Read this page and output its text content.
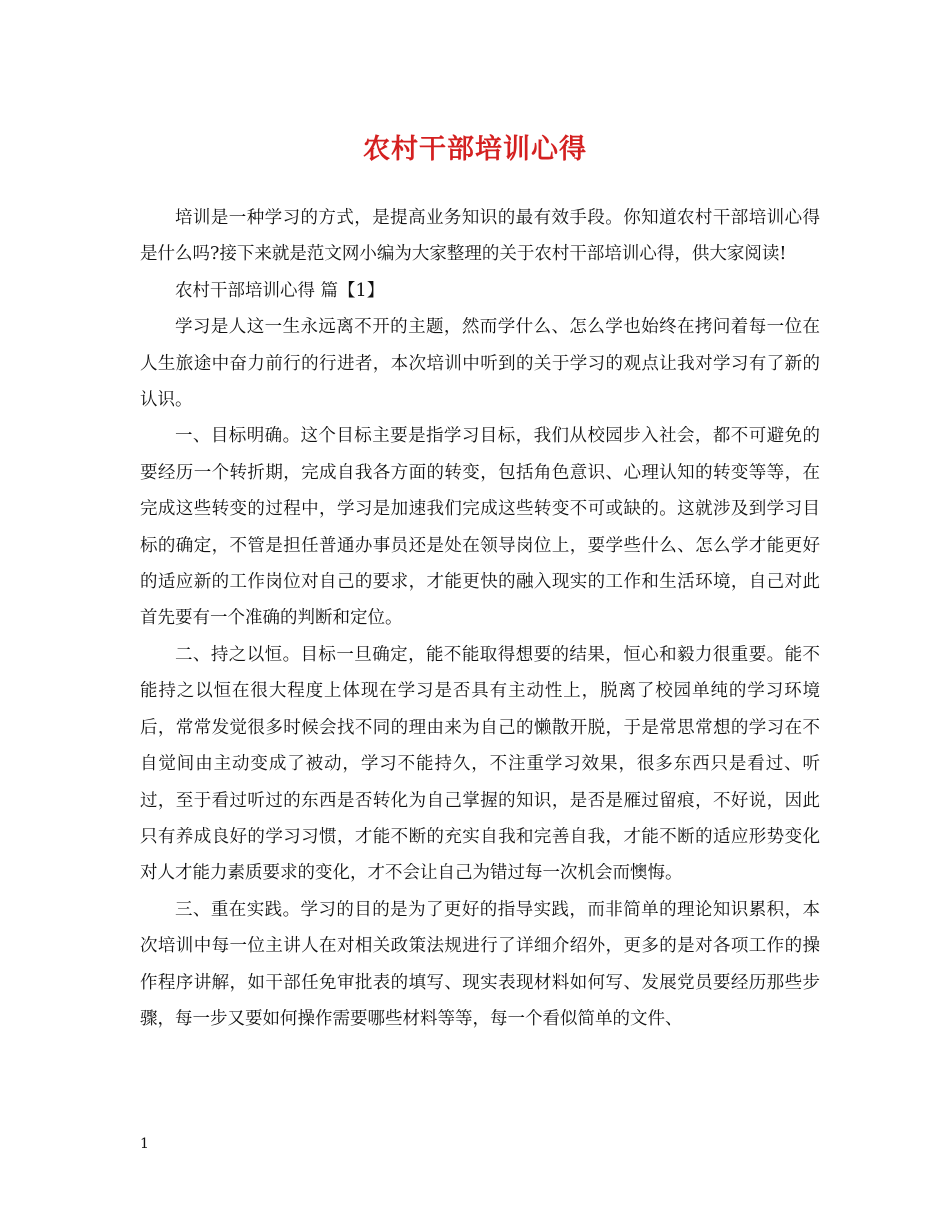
农村干部培训心得

培训是一种学习的方式，是提高业务知识的最有效手段。你知道农村干部培训心得是什么吗?接下来就是范文网小编为大家整理的关于农村干部培训心得，供大家阅读!

农村干部培训心得 篇【1】

学习是人这一生永远离不开的主题，然而学什么、怎么学也始终在拷问着每一位在人生旅途中奋力前行的行进者，本次培训中听到的关于学习的观点让我对学习有了新的认识。

一、目标明确。这个目标主要是指学习目标，我们从校园步入社会，都不可避免的要经历一个转折期，完成自我各方面的转变，包括角色意识、心理认知的转变等等，在完成这些转变的过程中，学习是加速我们完成这些转变不可或缺的。这就涉及到学习目标的确定，不管是担任普通办事员还是处在领导岗位上，要学些什么、怎么学才能更好的适应新的工作岗位对自己的要求，才能更快的融入现实的工作和生活环境，自己对此首先要有一个准确的判断和定位。

二、持之以恒。目标一旦确定，能不能取得想要的结果，恒心和毅力很重要。能不能持之以恒在很大程度上体现在学习是否具有主动性上，脱离了校园单纯的学习环境后，常常发觉很多时候会找不同的理由来为自己的懒散开脱，于是常思常想的学习在不自觉间由主动变成了被动，学习不能持久，不注重学习效果，很多东西只是看过、听过，至于看过听过的东西是否转化为自己掌握的知识，是否是雁过留痕，不好说，因此只有养成良好的学习习惯，才能不断的充实自我和完善自我，才能不断的适应形势变化对人才能力素质要求的变化，才不会让自己为错过每一次机会而懊悔。

三、重在实践。学习的目的是为了更好的指导实践，而非简单的理论知识累积，本次培训中每一位主讲人在对相关政策法规进行了详细介绍外，更多的是对各项工作的操作程序讲解，如干部任免审批表的填写、现实表现材料如何写、发展党员要经历那些步骤，每一步又要如何操作需要哪些材料等等，每一个看似简单的文件、

1
